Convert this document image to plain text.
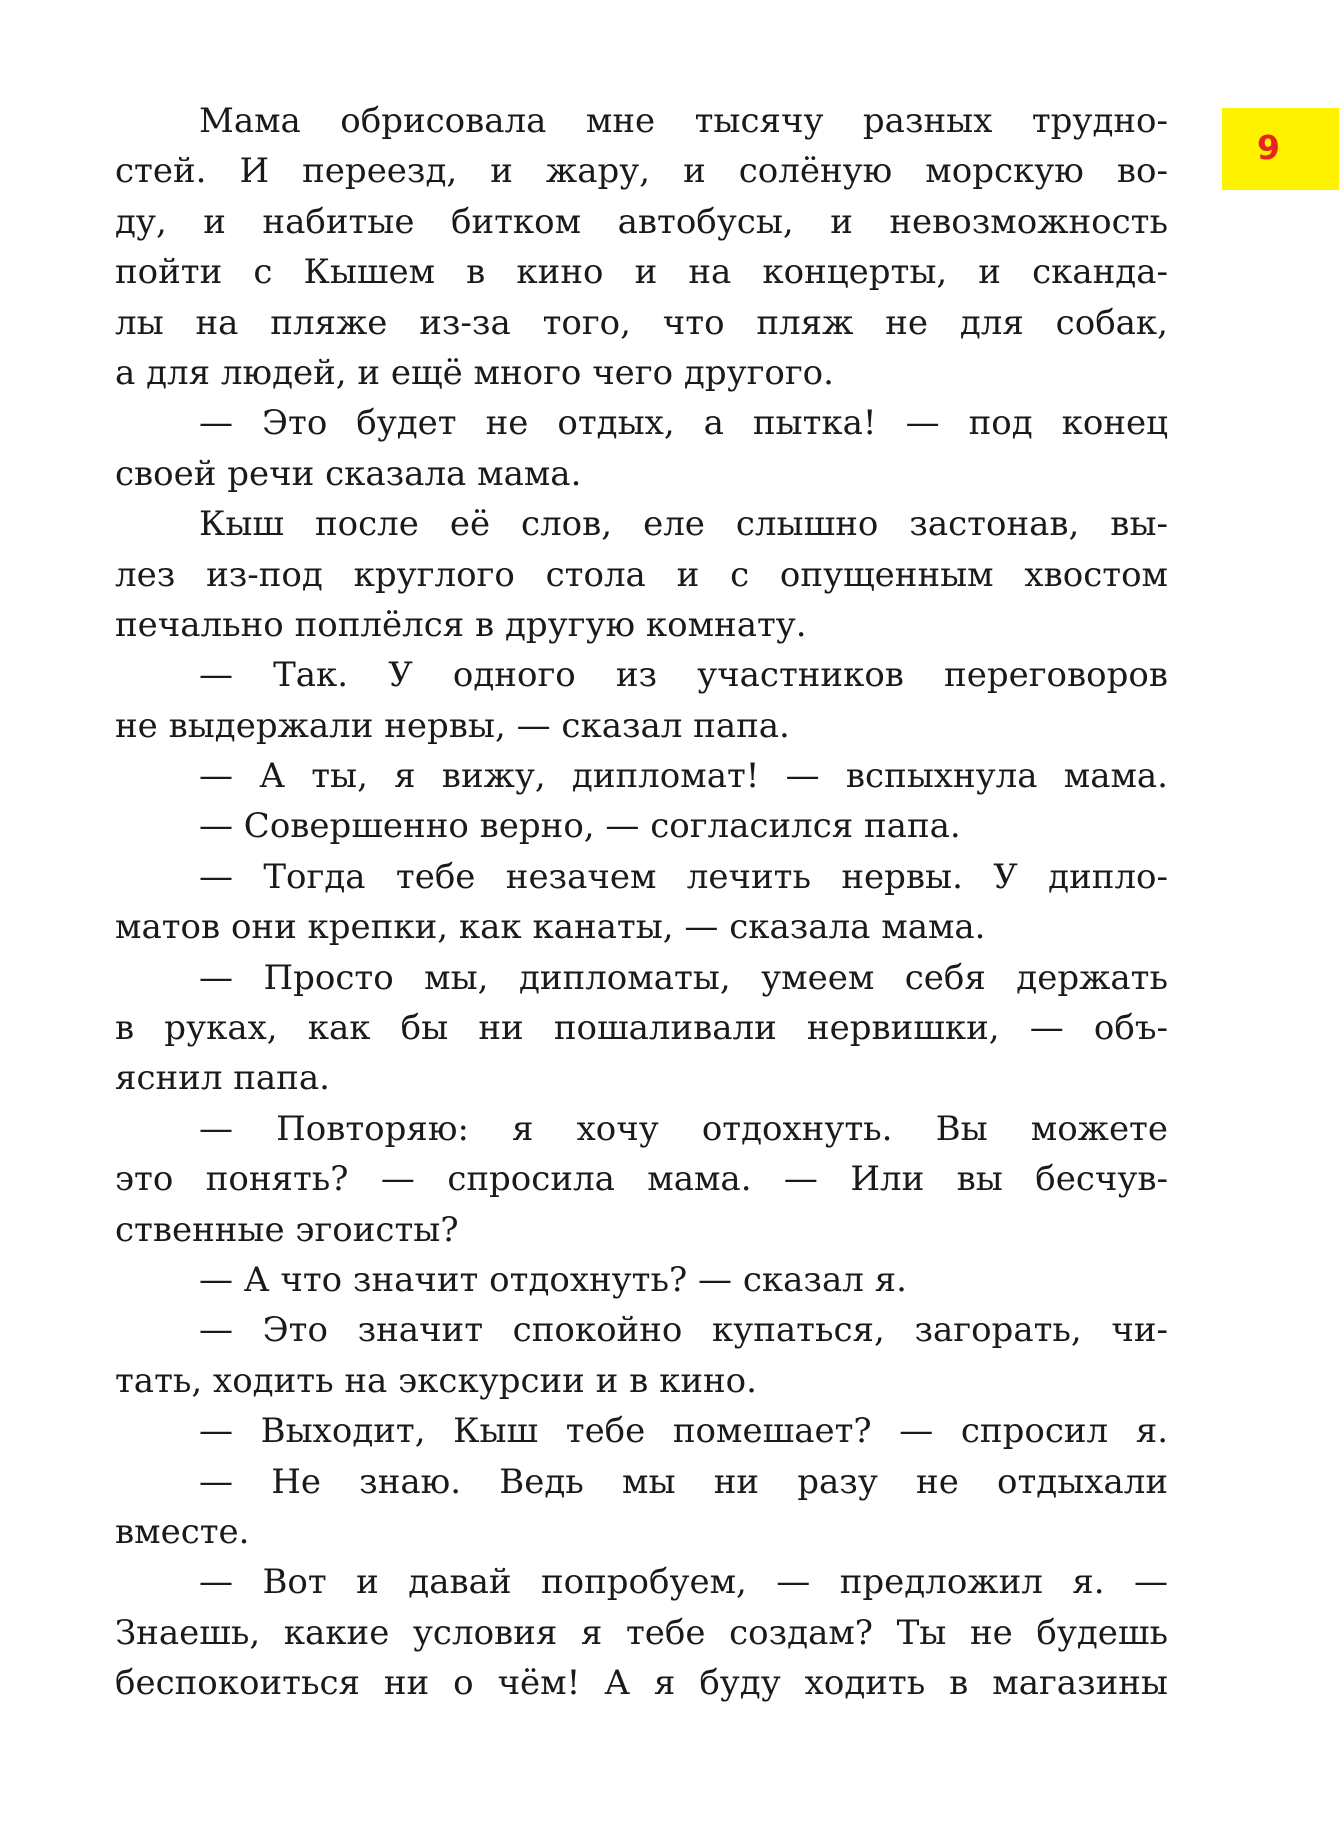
9
Мама обрисовала мне тысячу разных трудно-
стей. И переезд, и жару, и солёную морскую во-
ду, и набитые битком автобусы, и невозможность
пойти с Кышем в кино и на концерты, и сканда-
лы на пляже из-за того, что пляж не для собак,
а для людей, и ещё много чего другого.
— Это будет не отдых, а пытка! — под конец
своей речи сказала мама.
Кыш после её слов, еле слышно застонав, вы-
лез из-под круглого стола и с опущенным хвостом
печально поплёлся в другую комнату.
— Так. У одного из участников переговоров
не выдержали нервы, — сказал папа.
— А ты, я вижу, дипломат! — вспыхнула мама.
— Совершенно верно, — согласился папа.
— Тогда тебе незачем лечить нервы. У дипло-
матов они крепки, как канаты, — сказала мама.
— Просто мы, дипломаты, умеем себя держать
в руках, как бы ни пошаливали нервишки, — объ-
яснил папа.
— Повторяю: я хочу отдохнуть. Вы можете
это понять? — спросила мама. — Или вы бесчув-
ственные эгоисты?
— А что значит отдохнуть? — сказал я.
— Это значит спокойно купаться, загорать, чи-
тать, ходить на экскурсии и в кино.
— Выходит, Кыш тебе помешает? — спросил я.
— Не знаю. Ведь мы ни разу не отдыхали
вместе.
— Вот и давай попробуем, — предложил я. —
Знаешь, какие условия я тебе создам? Ты не будешь
беспокоиться ни о чём! А я буду ходить в магазины
